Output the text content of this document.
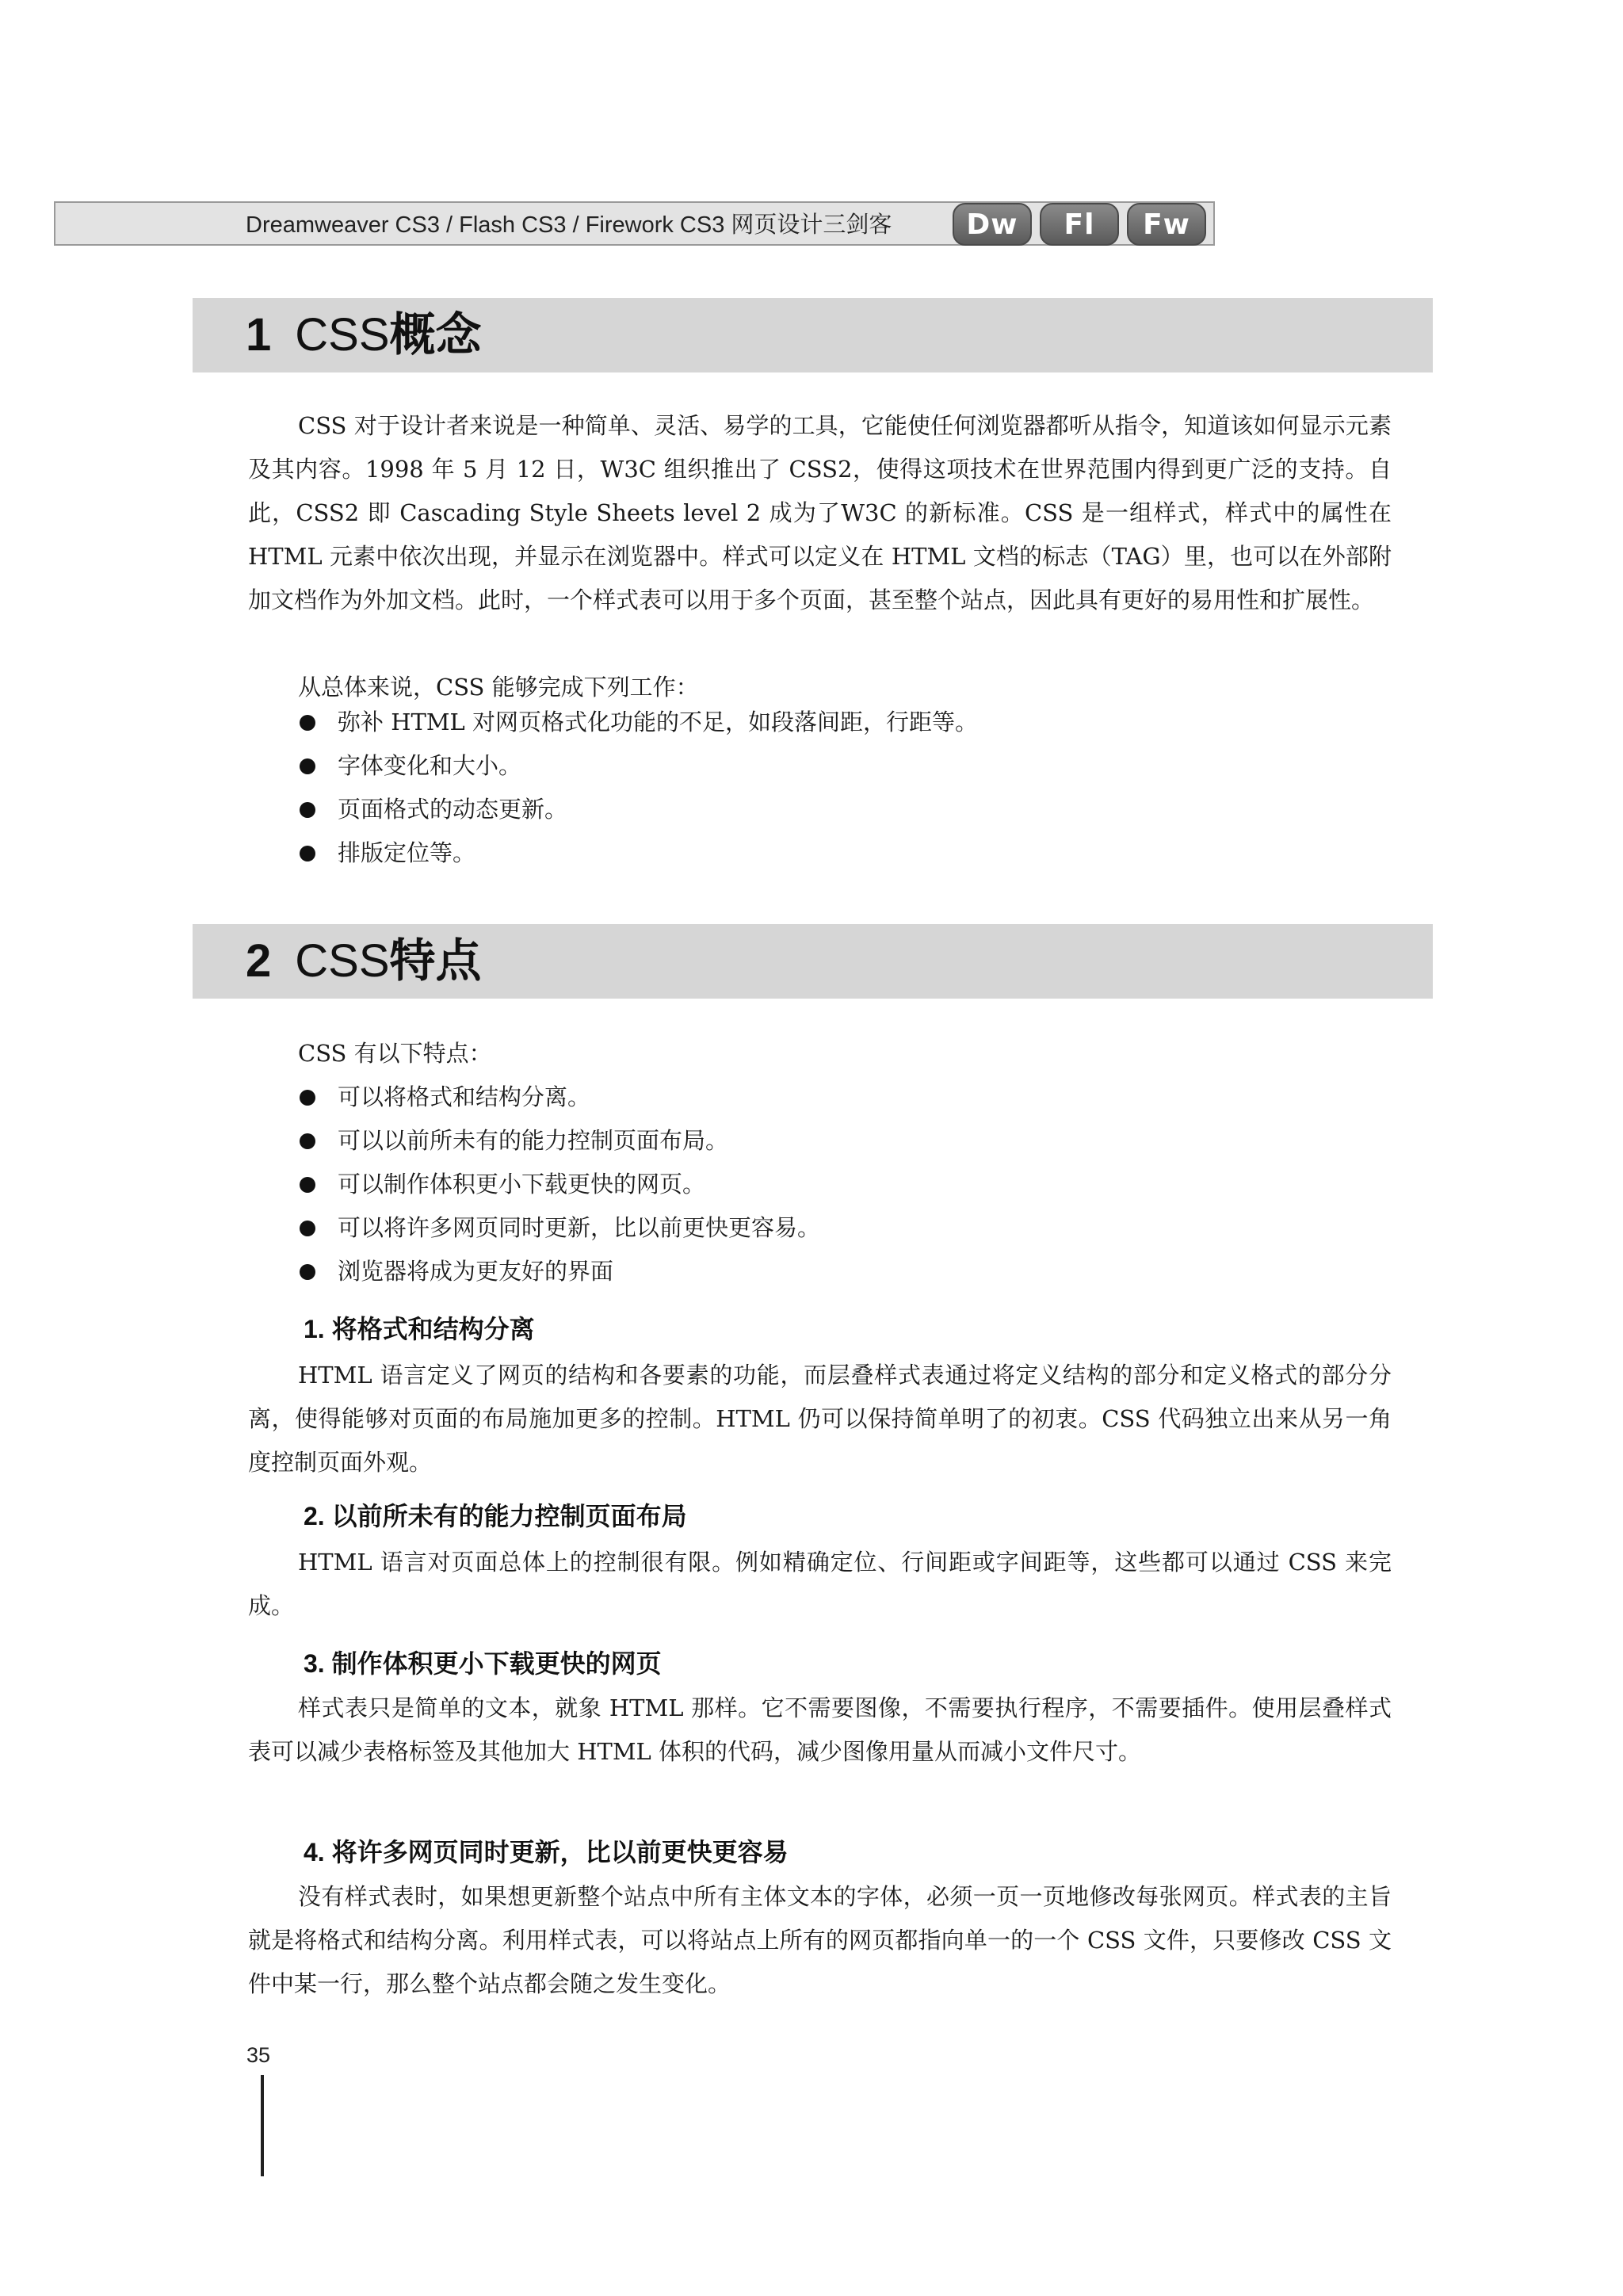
Dreamweaver CS3 / Flash CS3 / Firework CS3 网页设计三剑客	Dw	Fl	Fw
1 CSS概念
CSS 对于设计者来说是一种简单、灵活、易学的工具，它能使任何浏览器都听从指令，知道该如何显示元素及其内容。1998 年 5 月 12 日，W3C 组织推出了 CSS2，使得这项技术在世界范围内得到更广泛的支持。自此，CSS2 即 Cascading Style Sheets level 2 成为了W3C 的新标准。CSS 是一组样式，样式中的属性在 HTML 元素中依次出现，并显示在浏览器中。样式可以定义在 HTML 文档的标志（TAG）里，也可以在外部附加文档作为外加文档。此时，一个样式表可以用于多个页面，甚至整个站点，因此具有更好的易用性和扩展性。
从总体来说，CSS 能够完成下列工作：
弥补 HTML 对网页格式化功能的不足，如段落间距，行距等。
字体变化和大小。
页面格式的动态更新。
排版定位等。
2 CSS特点
CSS 有以下特点：
可以将格式和结构分离。
可以以前所未有的能力控制页面布局。
可以制作体积更小下载更快的网页。
可以将许多网页同时更新，比以前更快更容易。
浏览器将成为更友好的界面
1. 将格式和结构分离
HTML 语言定义了网页的结构和各要素的功能，而层叠样式表通过将定义结构的部分和定义格式的部分分离，使得能够对页面的布局施加更多的控制。HTML 仍可以保持简单明了的初衷。CSS 代码独立出来从另一角度控制页面外观。
2. 以前所未有的能力控制页面布局
HTML 语言对页面总体上的控制很有限。例如精确定位、行间距或字间距等，这些都可以通过 CSS 来完成。
3. 制作体积更小下载更快的网页
样式表只是简单的文本，就象 HTML 那样。它不需要图像，不需要执行程序，不需要插件。使用层叠样式表可以减少表格标签及其他加大 HTML 体积的代码，减少图像用量从而减小文件尺寸。
4. 将许多网页同时更新，比以前更快更容易
没有样式表时，如果想更新整个站点中所有主体文本的字体，必须一页一页地修改每张网页。样式表的主旨就是将格式和结构分离。利用样式表，可以将站点上所有的网页都指向单一的一个 CSS 文件，只要修改 CSS 文件中某一行，那么整个站点都会随之发生变化。
35
